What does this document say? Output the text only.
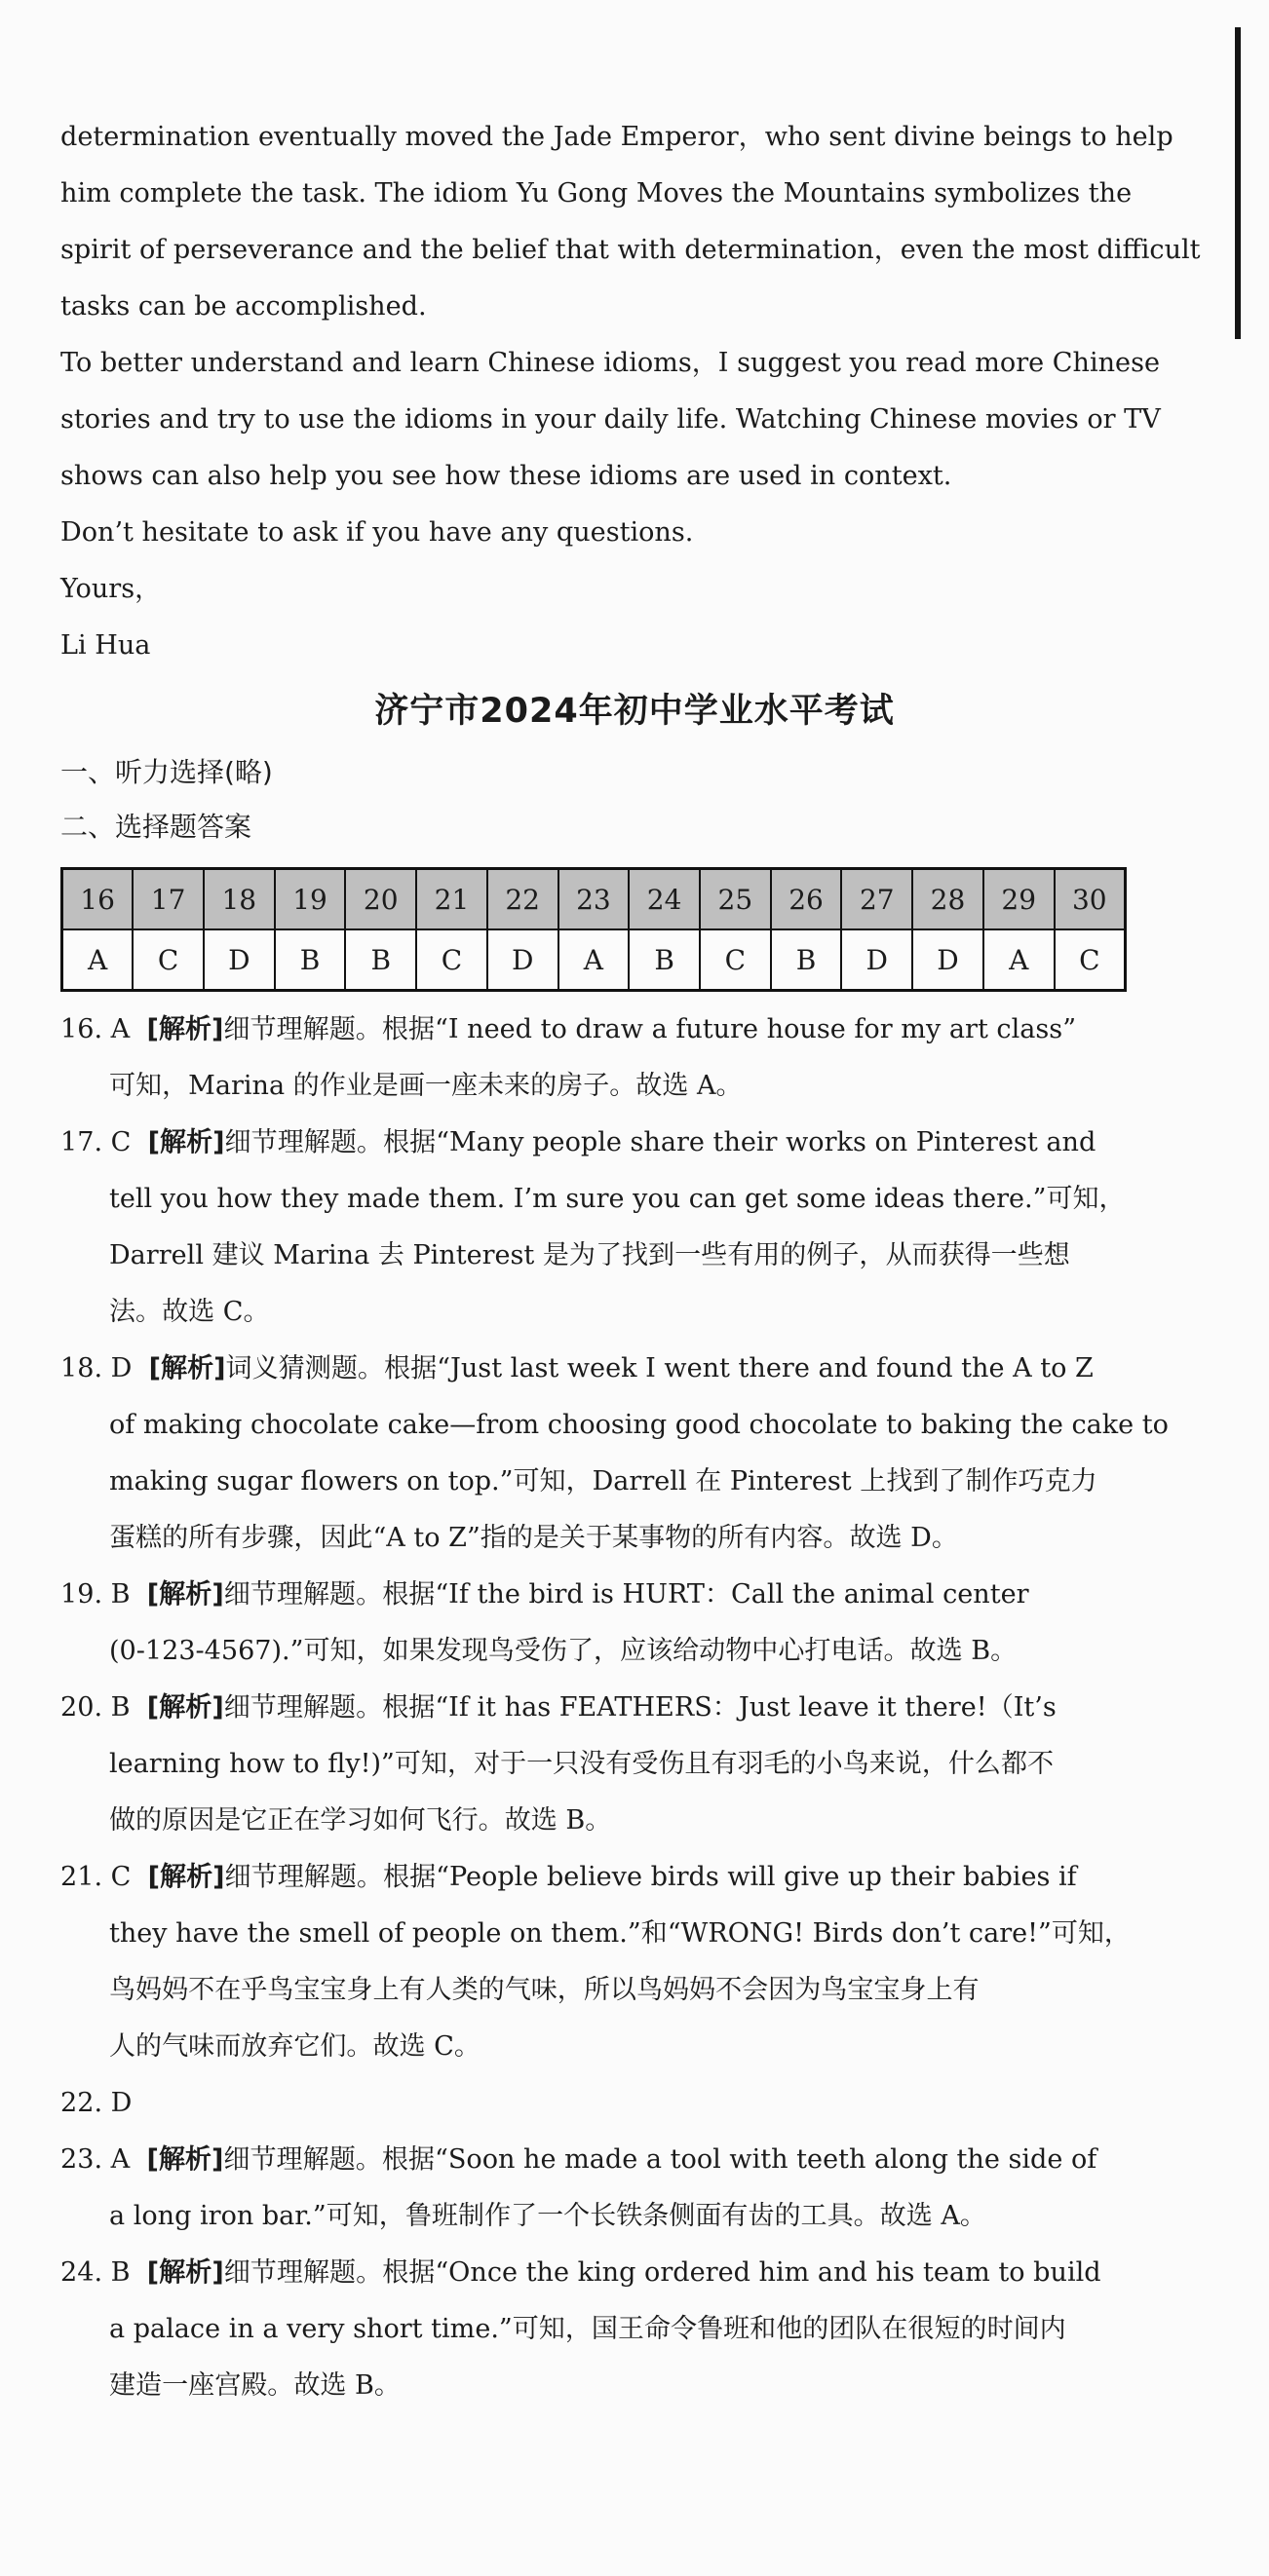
determination eventually moved the Jade Emperor，who sent divine beings to help
him complete the task. The idiom Yu Gong Moves the Mountains symbolizes the
spirit of perseverance and the belief that with determination，even the most difficult
tasks can be accomplished.
To better understand and learn Chinese idioms，I suggest you read more Chinese
stories and try to use the idioms in your daily life. Watching Chinese movies or TV
shows can also help you see how these idioms are used in context.
Don’t hesitate to ask if you have any questions.
Yours，
Li Hua
济宁市2024年初中学业水平考试
一、听力选择(略)
二、选择题答案
16	17	18	19	20	21	22	23	24	25	26	27	28	29	30
A	C	D	B	B	C	D	A	B	C	B	D	D	A	C
16. A [解析]细节理解题。根据“I need to draw a future house for my art class”
可知，Marina 的作业是画一座未来的房子。故选 A。
17. C [解析]细节理解题。根据“Many people share their works on Pinterest and
tell you how they made them. I’m sure you can get some ideas there.”可知，
Darrell 建议 Marina 去 Pinterest 是为了找到一些有用的例子，从而获得一些想
法。故选 C。
18. D [解析]词义猜测题。根据“Just last week I went there and found the A to Z
of making chocolate cake—from choosing good chocolate to baking the cake to
making sugar flowers on top.”可知，Darrell 在 Pinterest 上找到了制作巧克力
蛋糕的所有步骤，因此“A to Z”指的是关于某事物的所有内容。故选 D。
19. B [解析]细节理解题。根据“If the bird is HURT：Call the animal center
(0-123-4567).”可知，如果发现鸟受伤了，应该给动物中心打电话。故选 B。
20. B [解析]细节理解题。根据“If it has FEATHERS：Just leave it there!（It’s
learning how to fly!)”可知，对于一只没有受伤且有羽毛的小鸟来说，什么都不
做的原因是它正在学习如何飞行。故选 B。
21. C [解析]细节理解题。根据“People believe birds will give up their babies if
they have the smell of people on them.”和“WRONG! Birds don’t care!”可知，
鸟妈妈不在乎鸟宝宝身上有人类的气味，所以鸟妈妈不会因为鸟宝宝身上有
人的气味而放弃它们。故选 C。
22. D
23. A [解析]细节理解题。根据“Soon he made a tool with teeth along the side of
a long iron bar.”可知，鲁班制作了一个长铁条侧面有齿的工具。故选 A。
24. B [解析]细节理解题。根据“Once the king ordered him and his team to build
a palace in a very short time.”可知，国王命令鲁班和他的团队在很短的时间内
建造一座宫殿。故选 B。
